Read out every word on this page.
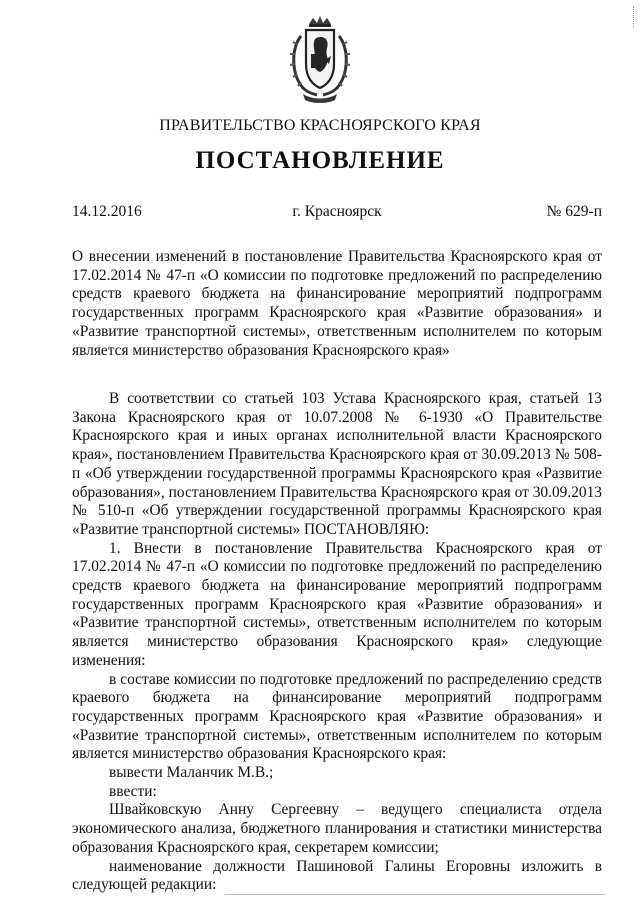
ПРАВИТЕЛЬСТВО КРАСНОЯРСКОГО КРАЯ
ПОСТАНОВЛЕНИЕ
14.12.2016	г. Красноярск	№ 629-п

О внесении изменений в постановление Правительства Красноярского края от 17.02.2014 № 47-п «О комиссии по подготовке предложений по распределению средств краевого бюджета на финансирование мероприятий подпрограмм государственных программ Красноярского края «Развитие образования» и «Развитие транспортной системы», ответственным исполнителем по которым является министерство образования Красноярского края»

В соответствии со статьей 103 Устава Красноярского края, статьей 13 Закона Красноярского края от 10.07.2008 № 6-1930 «О Правительстве Красноярского края и иных органах исполнительной власти Красноярского края», постановлением Правительства Красноярского края от 30.09.2013 № 508-п «Об утверждении государственной программы Красноярского края «Развитие образования», постановлением Правительства Красноярского края от 30.09.2013 № 510-п «Об утверждении государственной программы Красноярского края «Развитие транспортной системы» ПОСТАНОВЛЯЮ:

1. Внести в постановление Правительства Красноярского края от 17.02.2014 № 47-п «О комиссии по подготовке предложений по распределению средств краевого бюджета на финансирование мероприятий подпрограмм государственных программ Красноярского края «Развитие образования» и «Развитие транспортной системы», ответственным исполнителем по которым является министерство образования Красноярского края» следующие изменения:

в составе комиссии по подготовке предложений по распределению средств краевого бюджета на финансирование мероприятий подпрограмм государственных программ Красноярского края «Развитие образования» и «Развитие транспортной системы», ответственным исполнителем по которым является министерство образования Красноярского края:

вывести Маланчик М.В.;

ввести:

Швайковскую Анну Сергеевну – ведущего специалиста отдела экономического анализа, бюджетного планирования и статистики министерства образования Красноярского края, секретарем комиссии;

наименование должности Пашиновой Галины Егоровны изложить в следующей редакции:
